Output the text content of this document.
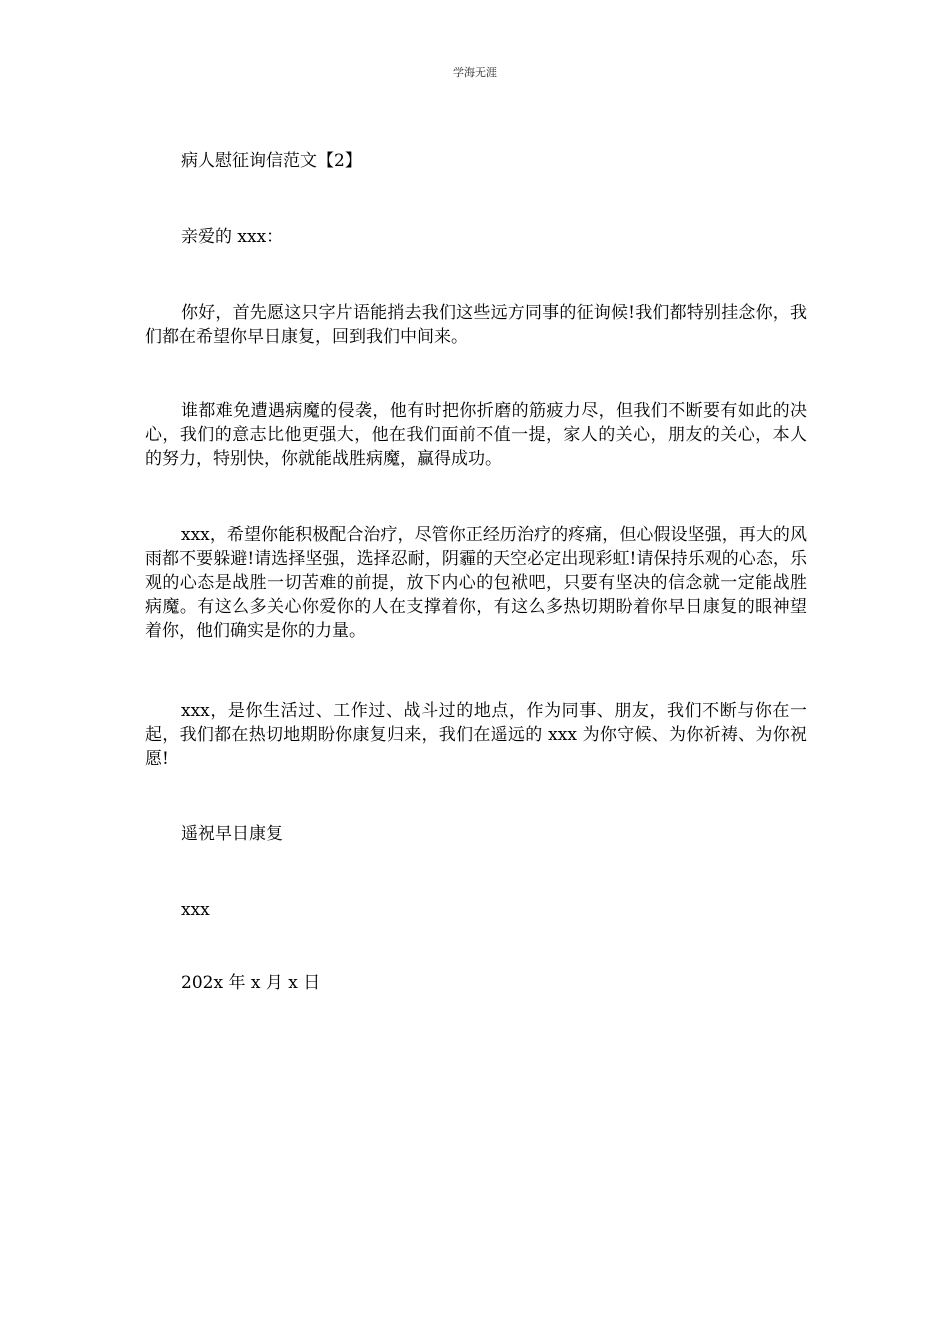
学海无涯

病人慰征询信范文【2】

亲爱的 xxx：

你好，首先愿这只字片语能捎去我们这些远方同事的征询候!我们都特别挂念你，我们都在希望你早日康复，回到我们中间来。

谁都难免遭遇病魔的侵袭，他有时把你折磨的筋疲力尽，但我们不断要有如此的决心，我们的意志比他更强大，他在我们面前不值一提，家人的关心，朋友的关心，本人的努力，特别快，你就能战胜病魔，赢得成功。

xxx，希望你能积极配合治疗，尽管你正经历治疗的疼痛，但心假设坚强，再大的风雨都不要躲避!请选择坚强，选择忍耐，阴霾的天空必定出现彩虹!请保持乐观的心态，乐观的心态是战胜一切苦难的前提，放下内心的包袱吧，只要有坚决的信念就一定能战胜病魔。有这么多关心你爱你的人在支撑着你，有这么多热切期盼着你早日康复的眼神望着你，他们确实是你的力量。

xxx，是你生活过、工作过、战斗过的地点，作为同事、朋友，我们不断与你在一起，我们都在热切地期盼你康复归来，我们在遥远的 xxx 为你守候、为你祈祷、为你祝愿!

遥祝早日康复

xxx

202x 年 x 月 x 日
